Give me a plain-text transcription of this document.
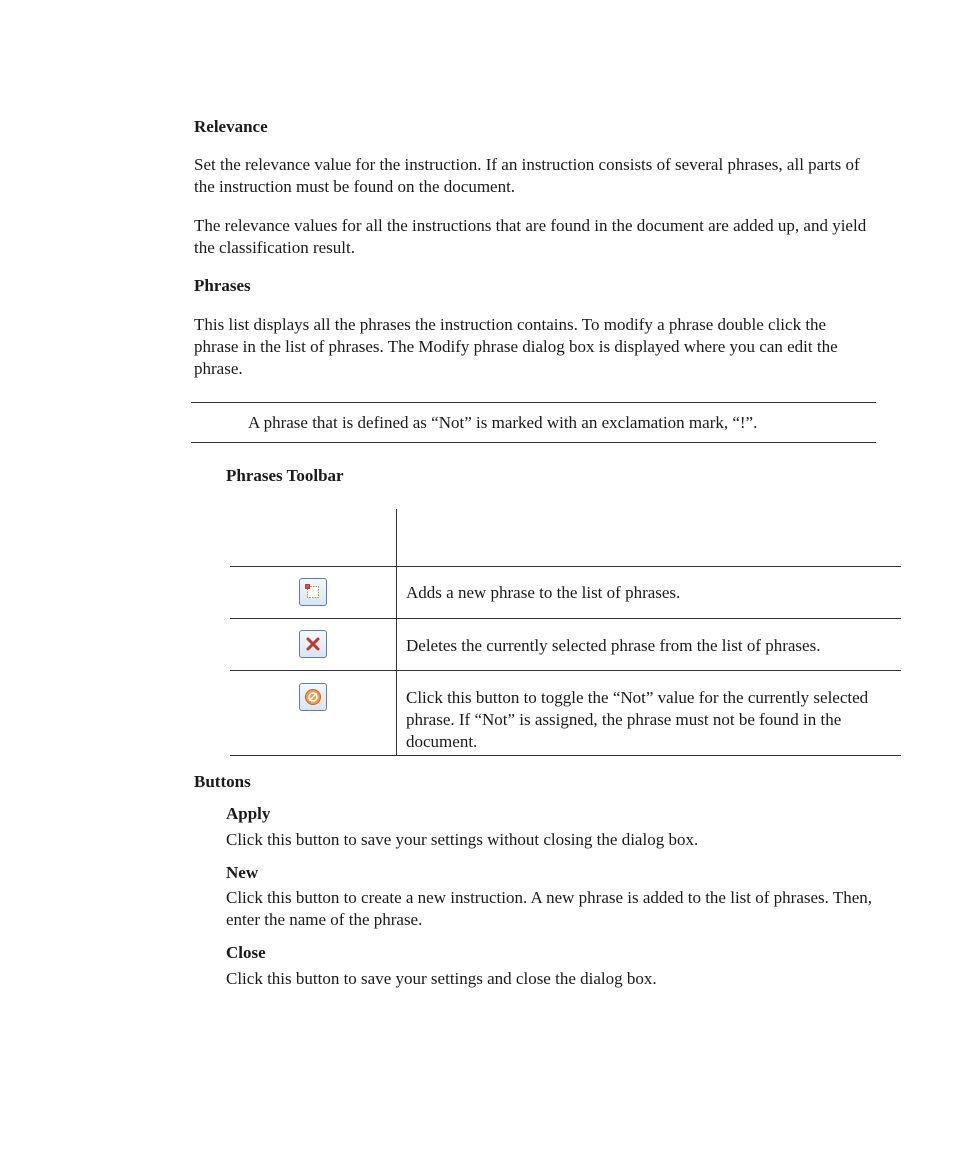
Relevance
Set the relevance value for the instruction. If an instruction consists of several phrases, all parts of the instruction must be found on the document.
The relevance values for all the instructions that are found in the document are added up, and yield the classification result.
Phrases
This list displays all the phrases the instruction contains. To modify a phrase double click the phrase in the list of phrases. The Modify phrase dialog box is displayed where you can edit the phrase.
A phrase that is defined as “Not” is marked with an exclamation mark, “!”.
Phrases Toolbar
Adds a new phrase to the list of phrases.
Deletes the currently selected phrase from the list of phrases.
Click this button to toggle the “Not” value for the currently selected phrase. If “Not” is assigned, the phrase must not be found in the document.
Buttons
Apply
Click this button to save your settings without closing the dialog box.
New
Click this button to create a new instruction. A new phrase is added to the list of phrases. Then, enter the name of the phrase.
Close
Click this button to save your settings and close the dialog box.
